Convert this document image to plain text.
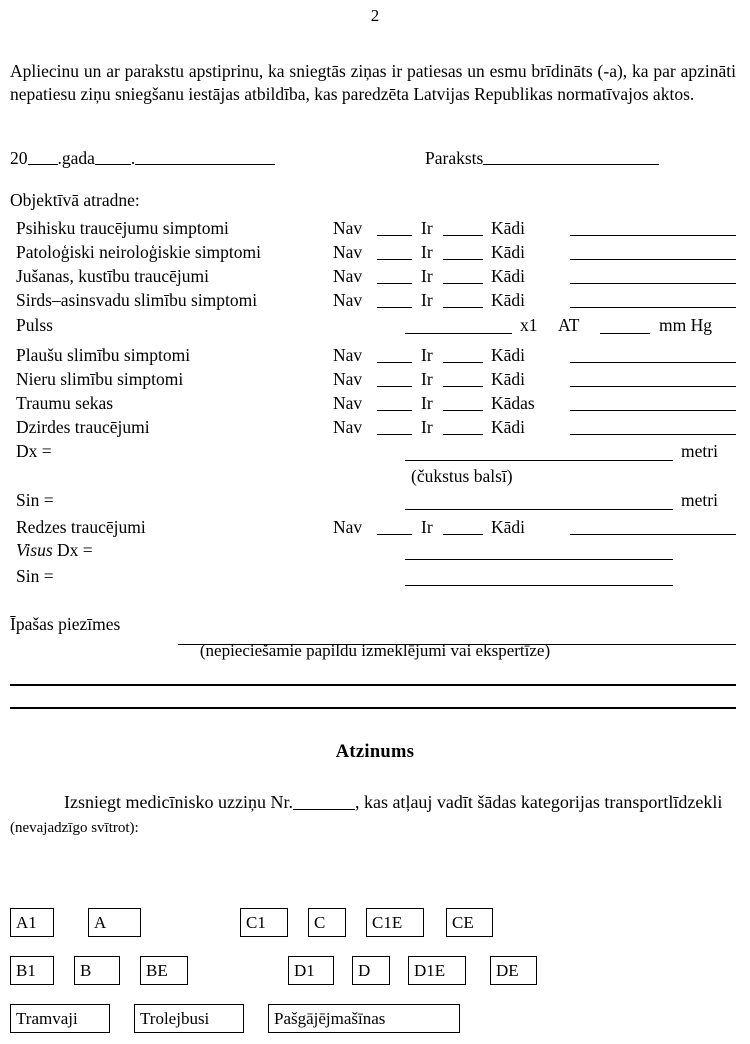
2
Apliecinu un ar parakstu apstiprinu, ka sniegtās ziņas ir patiesas un esmu brīdināts (-a), ka par apzināti nepatiesu ziņu sniegšanu iestājas atbildība, kas paredzēta Latvijas Republikas normatīvajos aktos.
20 .gada .	Paraksts
Objektīvā atradne:
Psihisku traucējumu simptomi	Nav	Ir	Kādi
Patoloģiski neiroloģiskie simptomi	Nav	Ir	Kādi
Jušanas, kustību traucējumi	Nav	Ir	Kādi
Sirds–asinsvadu slimību simptomi	Nav	Ir	Kādi
Pulss	x1 AT	mm Hg
Plaušu slimību simptomi	Nav	Ir	Kādi
Nieru slimību simptomi	Nav	Ir	Kādi
Traumu sekas	Nav	Ir	Kādas
Dzirdes traucējumi	Nav	Ir	Kādi
Dx =	metri
(čukstus balsī)
Sin =	metri
Redzes traucējumi	Nav	Ir	Kādi
Visus Dx =
Sin =
Īpašas piezīmes
(nepieciešamie papildu izmeklējumi vai ekspertīze)
Atzinums
Izsniegt medicīnisko uzziņu Nr.	, kas atļauj vadīt šādas kategorijas transportlīdzekli (nevajadzīgo svītrot):
A1	A	C1	C	C1E	CE
B1	B	BE	D1	D	D1E	DE
Tramvaji	Trolejbusi	Pašgājējmašīnas
